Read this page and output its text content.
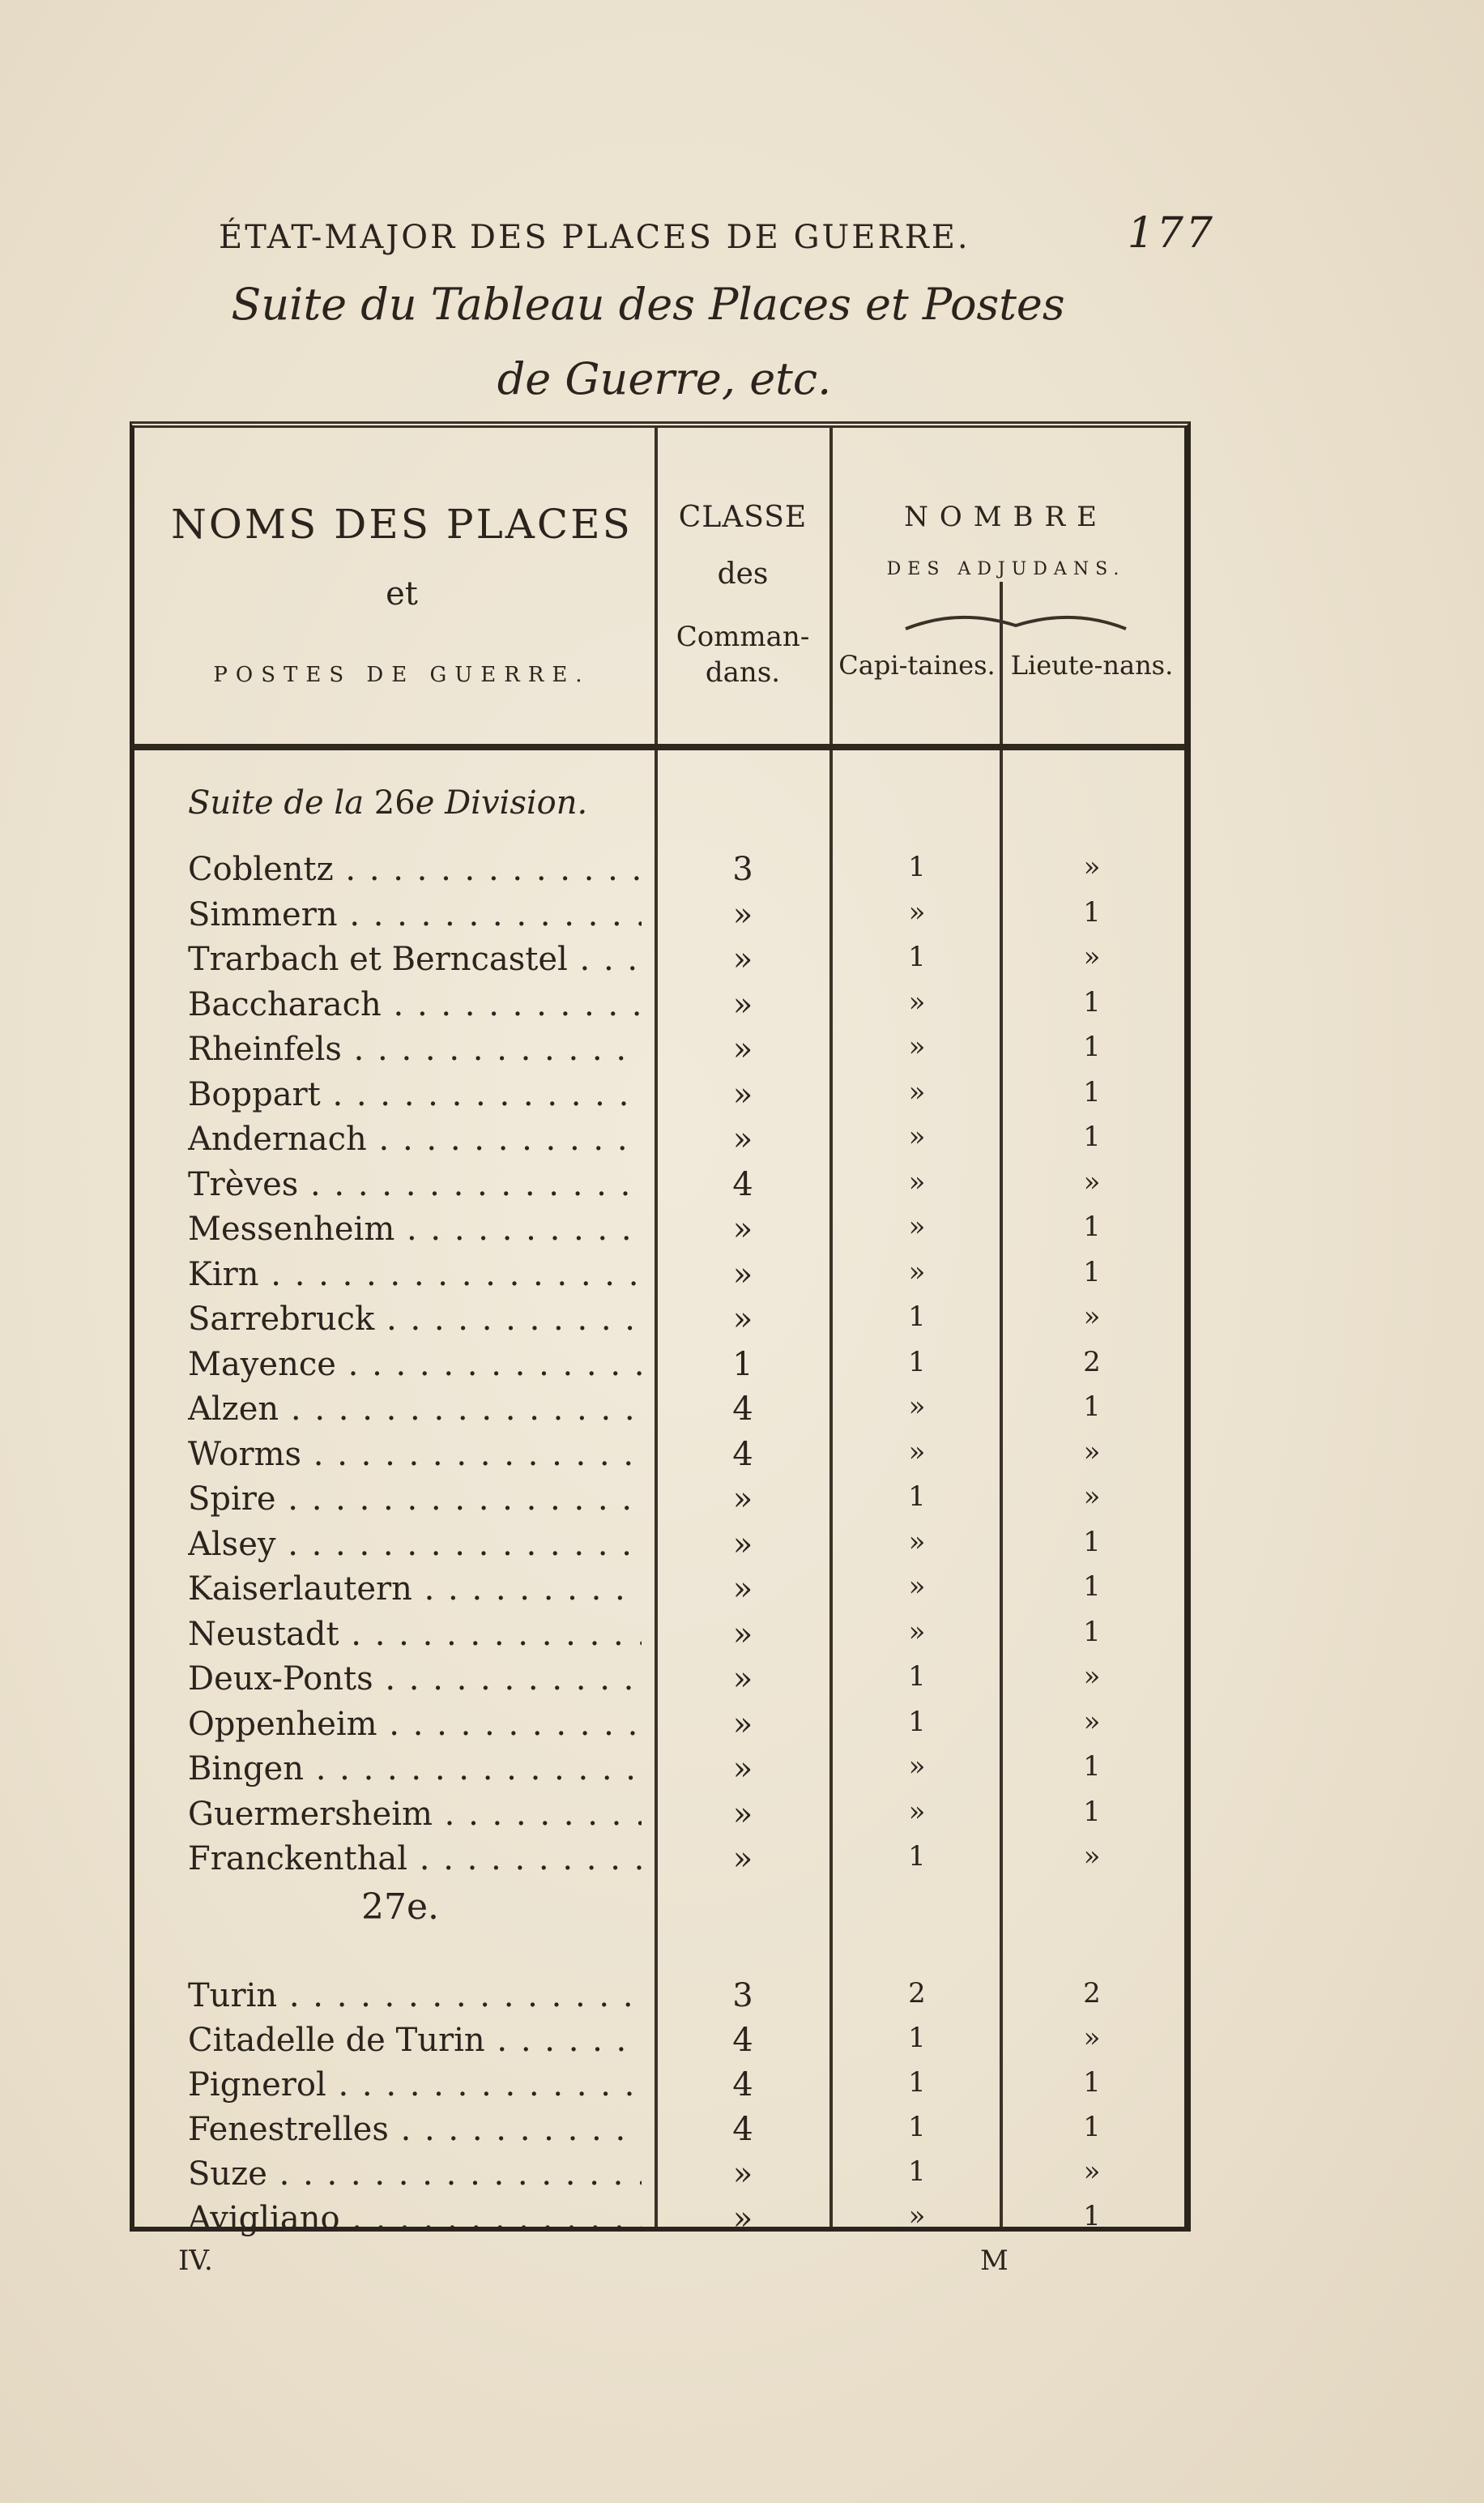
ÉTAT-MAJOR DES PLACES DE GUERRE.	177
Suite du Tableau des Places et Postes
de Guerre, etc.
NOMS DES PLACES
et
POSTES DE GUERRE.
CLASSE
des
Comman-dans.
NOMBRE
DES ADJUDANS.
Capi-taines. Lieute-nans.
Suite de la 26e Division.
Coblentz . . .	3	1	»
Simmern . . .	»	»	1
Trarbach et Berncastel . . .	»	1	»
Baccharach . . .	»	»	1
Rheinfels . . .	»	»	1
Boppart . . .	»	»	1
Andernach . . .	»	»	1
Trèves . . .	4	»	»
Messenheim . . .	»	»	1
Kirn . . .	»	»	1
Sarrebruck . . .	»	1	»
Mayence . . .	1	1	2
Alzen . . .	4	»	1
Worms . . .	4	»	»
Spire . . .	»	1	»
Alsey . . .	»	»	1
Kaiserlautern . . .	»	»	1
Neustadt . . .	»	»	1
Deux-Ponts . . .	»	1	»
Oppenheim . . .	»	1	»
Bingen . . .	»	»	1
Guermersheim . . .	»	»	1
Franckenthal . . .	»	1	»
27e.
Turin . . .	3	2	2
Citadelle de Turin . . .	4	1	»
Pignerol . . .	4	1	1
Fenestrelles . . .	4	1	1
Suze . . .	»	1	»
Avigliano . . .	»	»	1
IV.	M
